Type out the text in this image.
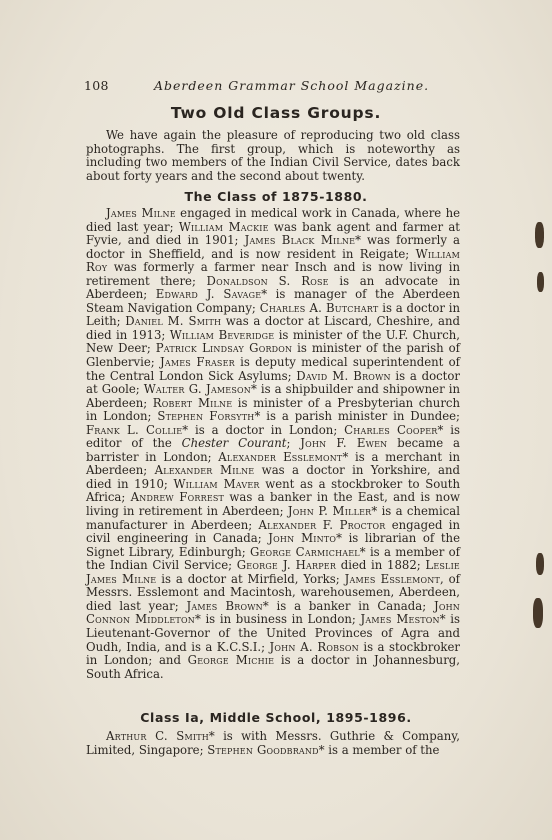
108	Aberdeen Grammar School Magazine.
Two Old Class Groups.

We have again the pleasure of reproducing two old class photographs. The first group, which is noteworthy as including two members of the Indian Civil Service, dates back about forty years and the second about twenty.

The Class of 1875-1880.

James Milne engaged in medical work in Canada, where he died last year; William Mackie was bank agent and farmer at Fyvie, and died in 1901; James Black Milne* was formerly a doctor in Sheffield, and is now resident in Reigate; William Roy was formerly a farmer near Insch and is now living in retirement there; Donaldson S. Rose is an advocate in Aberdeen; Edward J. Savage* is manager of the Aberdeen Steam Navigation Company; Charles A. Butchart is a doctor in Leith; Daniel M. Smith was a doctor at Liscard, Cheshire, and died in 1913; William Beveridge is minister of the U.F. Church, New Deer; Patrick Lindsay Gordon is minister of the parish of Glenbervie; James Fraser is deputy medical superintendent of the Central London Sick Asylums; David M. Brown is a doctor at Goole; Walter G. Jameson* is a shipbuilder and shipowner in Aberdeen; Robert Milne is minister of a Presbyterian church in London; Stephen Forsyth* is a parish minister in Dundee; Frank L. Collie* is a doctor in London; Charles Cooper* is editor of the Chester Courant; John F. Ewen became a barrister in London; Alexander Esslemont* is a merchant in Aberdeen; Alexander Milne was a doctor in Yorkshire, and died in 1910; William Maver went as a stockbroker to South Africa; Andrew Forrest was a banker in the East, and is now living in retirement in Aberdeen; John P. Miller* is a chemical manufacturer in Aberdeen; Alexander F. Proctor engaged in civil engineering in Canada; John Minto* is librarian of the Signet Library, Edinburgh; George Carmichael* is a member of the Indian Civil Service; George J. Harper died in 1882; Leslie James Milne is a doctor at Mirfield, Yorks; James Esslemont, of Messrs. Esslemont and Macintosh, warehousemen, Aberdeen, died last year; James Brown* is a banker in Canada; John Connon Middleton* is in business in London; James Meston* is Lieutenant-Governor of the United Provinces of Agra and Oudh, India, and is a K.C.S.I.; John A. Robson is a stockbroker in London; and George Michie is a doctor in Johannesburg, South Africa.

Class Ia, Middle School, 1895-1896.

Arthur C. Smith* is with Messrs. Guthrie & Company, Limited, Singapore; Stephen Goodbrand* is a member of the
